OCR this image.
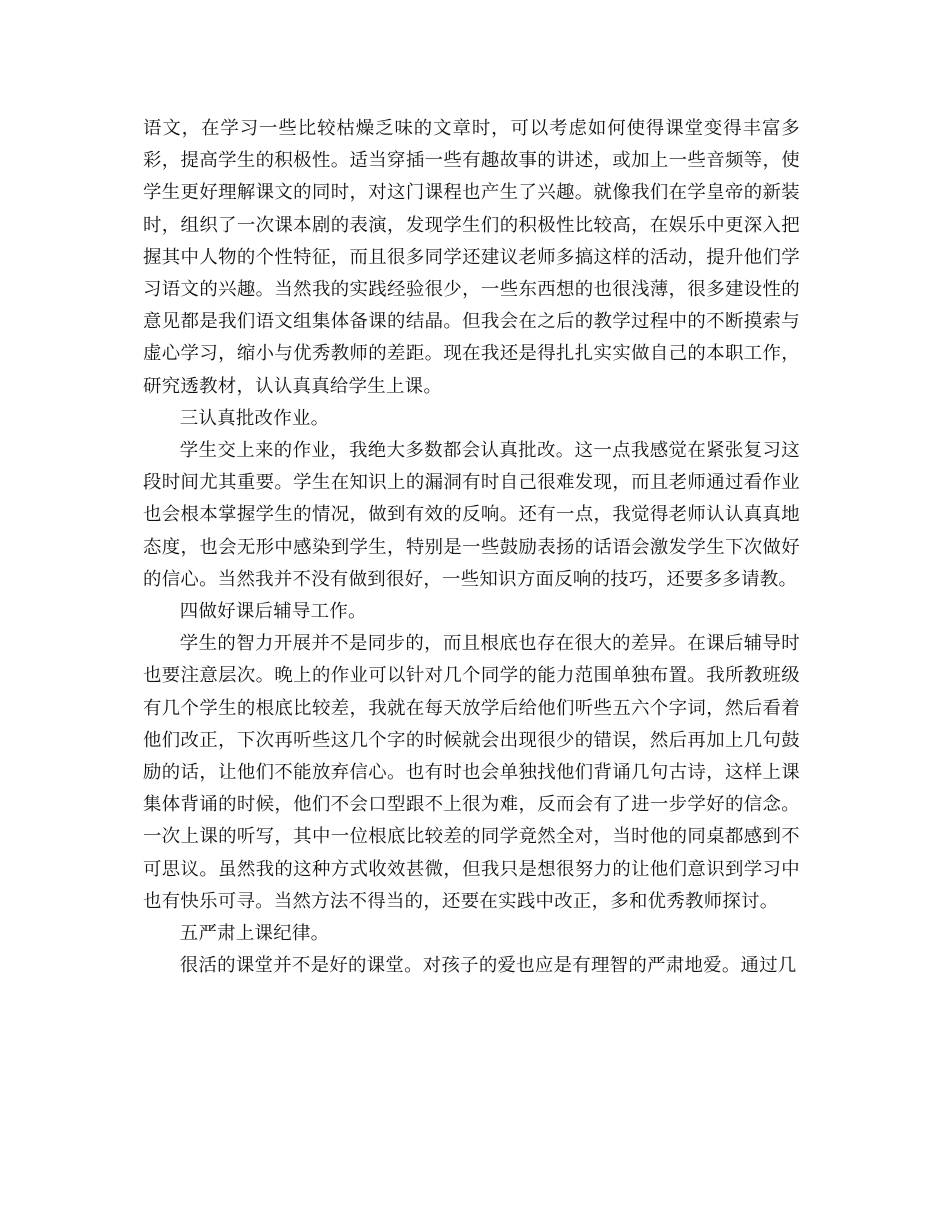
语文，在学习一些比较枯燥乏味的文章时，可以考虑如何使得课堂变得丰富多彩，提高学生的积极性。适当穿插一些有趣故事的讲述，或加上一些音频等，使学生更好理解课文的同时，对这门课程也产生了兴趣。就像我们在学皇帝的新装时，组织了一次课本剧的表演，发现学生们的积极性比较高，在娱乐中更深入把握其中人物的个性特征，而且很多同学还建议老师多搞这样的活动，提升他们学习语文的兴趣。当然我的实践经验很少，一些东西想的也很浅薄，很多建设性的意见都是我们语文组集体备课的结晶。但我会在之后的教学过程中的不断摸索与虚心学习，缩小与优秀教师的差距。现在我还是得扎扎实实做自己的本职工作，研究透教材，认认真真给学生上课。

三认真批改作业。

学生交上来的作业，我绝大多数都会认真批改。这一点我感觉在紧张复习这段时间尤其重要。学生在知识上的漏洞有时自己很难发现，而且老师通过看作业也会根本掌握学生的情况，做到有效的反响。还有一点，我觉得老师认认真真地态度，也会无形中感染到学生，特别是一些鼓励表扬的话语会激发学生下次做好的信心。当然我并不没有做到很好，一些知识方面反响的技巧，还要多多请教。

四做好课后辅导工作。

学生的智力开展并不是同步的，而且根底也存在很大的差异。在课后辅导时也要注意层次。晚上的作业可以针对几个同学的能力范围单独布置。我所教班级有几个学生的根底比较差，我就在每天放学后给他们听些五六个字词，然后看着他们改正，下次再听些这几个字的时候就会出现很少的错误，然后再加上几句鼓励的话，让他们不能放弃信心。也有时也会单独找他们背诵几句古诗，这样上课集体背诵的时候，他们不会口型跟不上很为难，反而会有了进一步学好的信念。一次上课的听写，其中一位根底比较差的同学竟然全对，当时他的同桌都感到不可思议。虽然我的这种方式收效甚微，但我只是想很努力的让他们意识到学习中也有快乐可寻。当然方法不得当的，还要在实践中改正，多和优秀教师探讨。

五严肃上课纪律。

很活的课堂并不是好的课堂。对孩子的爱也应是有理智的严肃地爱。通过几
